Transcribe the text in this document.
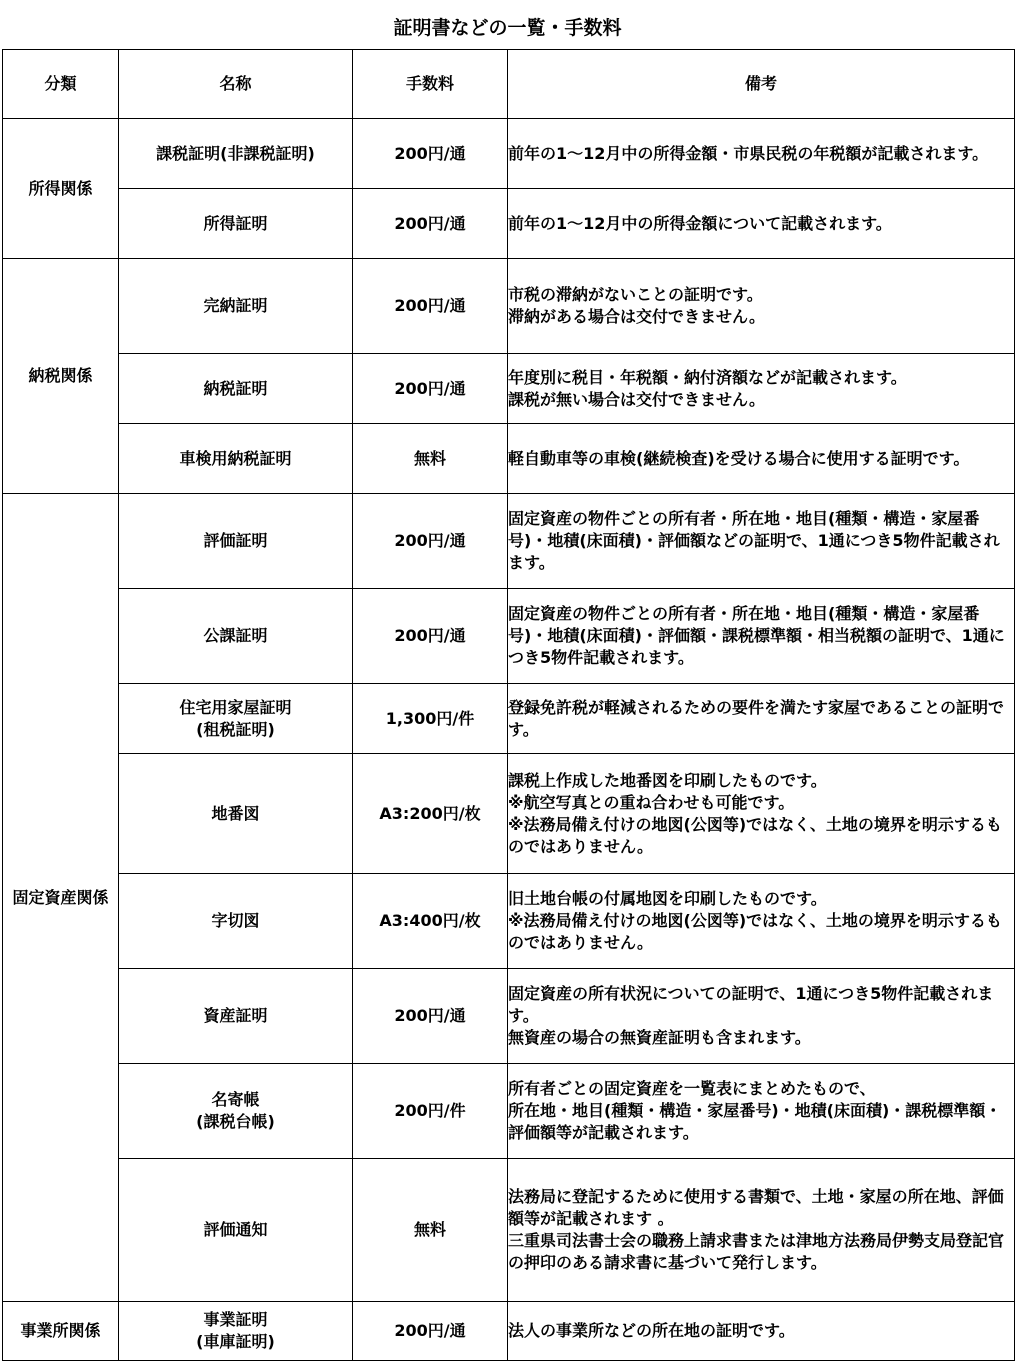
証明書などの一覧・手数料
分類	名称	手数料	備考
所得関係	課税証明(非課税証明)	200円/通	前年の1～12月中の所得金額・市県民税の年税額が記載されます。
	所得証明	200円/通	前年の1～12月中の所得金額について記載されます。
納税関係	完納証明	200円/通	市税の滞納がないことの証明です。
滞納がある場合は交付できません。
	納税証明	200円/通	年度別に税目・年税額・納付済額などが記載されます。
課税が無い場合は交付できません。
	車検用納税証明	無料	軽自動車等の車検(継続検査)を受ける場合に使用する証明です。
固定資産関係	評価証明	200円/通	固定資産の物件ごとの所有者・所在地・地目(種類・構造・家屋番号)・地積(床面積)・評価額などの証明で、1通につき5物件記載されます。
	公課証明	200円/通	固定資産の物件ごとの所有者・所在地・地目(種類・構造・家屋番号)・地積(床面積)・評価額・課税標準額・相当税額の証明で、1通につき5物件記載されます。
	住宅用家屋証明
(租税証明)	1,300円/件	登録免許税が軽減されるための要件を満たす家屋であることの証明です。
	地番図	A3:200円/枚	課税上作成した地番図を印刷したものです。
※航空写真との重ね合わせも可能です。
※法務局備え付けの地図(公図等)ではなく、土地の境界を明示するものではありません。
	字切図	A3:400円/枚	旧土地台帳の付属地図を印刷したものです。
※法務局備え付けの地図(公図等)ではなく、土地の境界を明示するものではありません。
	資産証明	200円/通	固定資産の所有状況についての証明で、1通につき5物件記載されます。
無資産の場合の無資産証明も含まれます。
	名寄帳
(課税台帳)	200円/件	所有者ごとの固定資産を一覧表にまとめたもので、
所在地・地目(種類・構造・家屋番号)・地積(床面積)・課税標準額・評価額等が記載されます。
	評価通知	無料	法務局に登記するために使用する書類で、土地・家屋の所在地、評価額等が記載されます 。
三重県司法書士会の職務上請求書または津地方法務局伊勢支局登記官の押印のある請求書に基づいて発行します。
事業所関係	事業証明
(車庫証明)	200円/通	法人の事業所などの所在地の証明です。
